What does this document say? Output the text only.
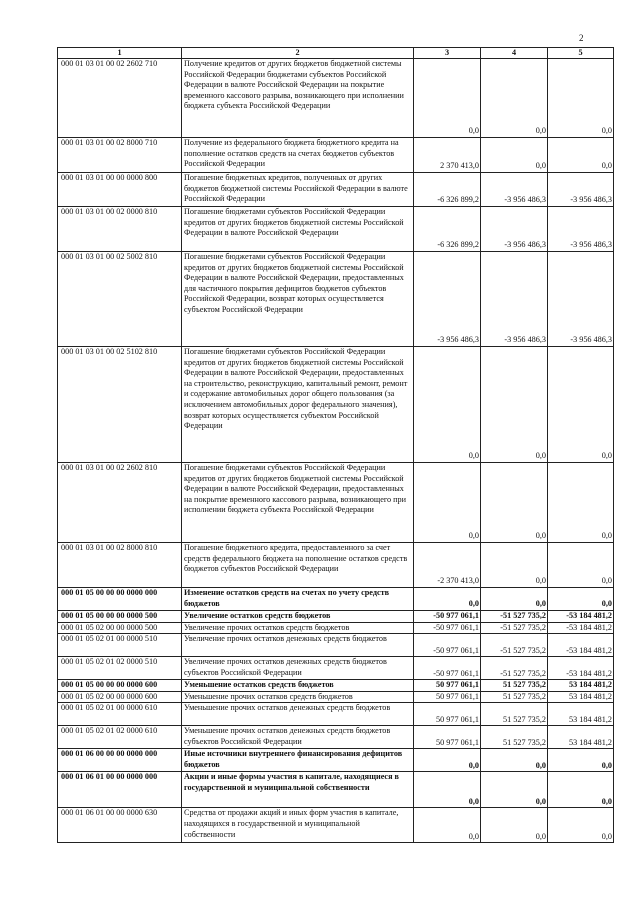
2
1	2	3	4	5
000 01 03 01 00 02 2602 710	Получение кредитов от других бюджетов бюджетной системы Российской Федерации бюджетами субъектов Российской Федерации в валюте Российской Федерации на покрытие временного кассового разрыва, возникающего при исполнении бюджета субъекта Российской Федерации	0,0	0,0	0,0
000 01 03 01 00 02 8000 710	Получение из федерального бюджета бюджетного кредита на пополнение остатков средств на счетах бюджетов субъектов Российской Федерации	2 370 413,0	0,0	0,0
000 01 03 01 00 00 0000 800	Погашение бюджетных кредитов, полученных от других бюджетов бюджетной системы Российской Федерации в валюте Российской Федерации	-6 326 899,2	-3 956 486,3	-3 956 486,3
000 01 03 01 00 02 0000 810	Погашение бюджетами субъектов Российской Федерации кредитов от других бюджетов бюджетной системы Российской Федерации в валюте Российской Федерации	-6 326 899,2	-3 956 486,3	-3 956 486,3
000 01 03 01 00 02 5002 810	Погашение бюджетами субъектов Российской Федерации кредитов от других бюджетов бюджетной системы Российской Федерации в валюте Российской Федерации, предоставленных для частичного покрытия дефицитов бюджетов субъектов Российской Федерации, возврат которых осуществляется субъектом Российской Федерации	-3 956 486,3	-3 956 486,3	-3 956 486,3
000 01 03 01 00 02 5102 810	Погашение бюджетами субъектов Российской Федерации кредитов от других бюджетов бюджетной системы Российской Федерации в валюте Российской Федерации, предоставленных на строительство, реконструкцию, капитальный ремонт, ремонт и содержание автомобильных дорог общего пользования (за исключением автомобильных дорог федерального значения), возврат которых осуществляется субъектом Российской Федерации	0,0	0,0	0,0
000 01 03 01 00 02 2602 810	Погашение бюджетами субъектов Российской Федерации кредитов от других бюджетов бюджетной системы Российской Федерации в валюте Российской Федерации, предоставленных на покрытие временного кассового разрыва, возникающего при исполнении бюджета субъекта Российской Федерации	0,0	0,0	0,0
000 01 03 01 00 02 8000 810	Погашение бюджетного кредита, предоставленного за счет средств федерального бюджета на пополнение остатков средств бюджетов субъектов Российской Федерации	-2 370 413,0	0,0	0,0
000 01 05 00 00 00 0000 000	Изменение остатков средств на счетах по учету средств бюджетов	0,0	0,0	0,0
000 01 05 00 00 00 0000 500	Увеличение остатков средств бюджетов	-50 977 061,1	-51 527 735,2	-53 184 481,2
000 01 05 02 00 00 0000 500	Увеличение прочих остатков средств бюджетов	-50 977 061,1	-51 527 735,2	-53 184 481,2
000 01 05 02 01 00 0000 510	Увеличение прочих остатков денежных средств бюджетов	-50 977 061,1	-51 527 735,2	-53 184 481,2
000 01 05 02 01 02 0000 510	Увеличение прочих остатков денежных средств бюджетов субъектов Российской Федерации	-50 977 061,1	-51 527 735,2	-53 184 481,2
000 01 05 00 00 00 0000 600	Уменьшение остатков средств бюджетов	50 977 061,1	51 527 735,2	53 184 481,2
000 01 05 02 00 00 0000 600	Уменьшение прочих остатков средств бюджетов	50 977 061,1	51 527 735,2	53 184 481,2
000 01 05 02 01 00 0000 610	Уменьшение прочих остатков денежных средств бюджетов	50 977 061,1	51 527 735,2	53 184 481,2
000 01 05 02 01 02 0000 610	Уменьшение прочих остатков денежных средств бюджетов субъектов Российской Федерации	50 977 061,1	51 527 735,2	53 184 481,2
000 01 06 00 00 00 0000 000	Иные источники внутреннего финансирования дефицитов бюджетов	0,0	0,0	0,0
000 01 06 01 00 00 0000 000	Акции и иные формы участия в капитале, находящиеся в государственной и муниципальной собственности	0,0	0,0	0,0
000 01 06 01 00 00 0000 630	Средства от продажи акций и иных форм участия в капитале, находящихся в государственной и муниципальной собственности	0,0	0,0	0,0
